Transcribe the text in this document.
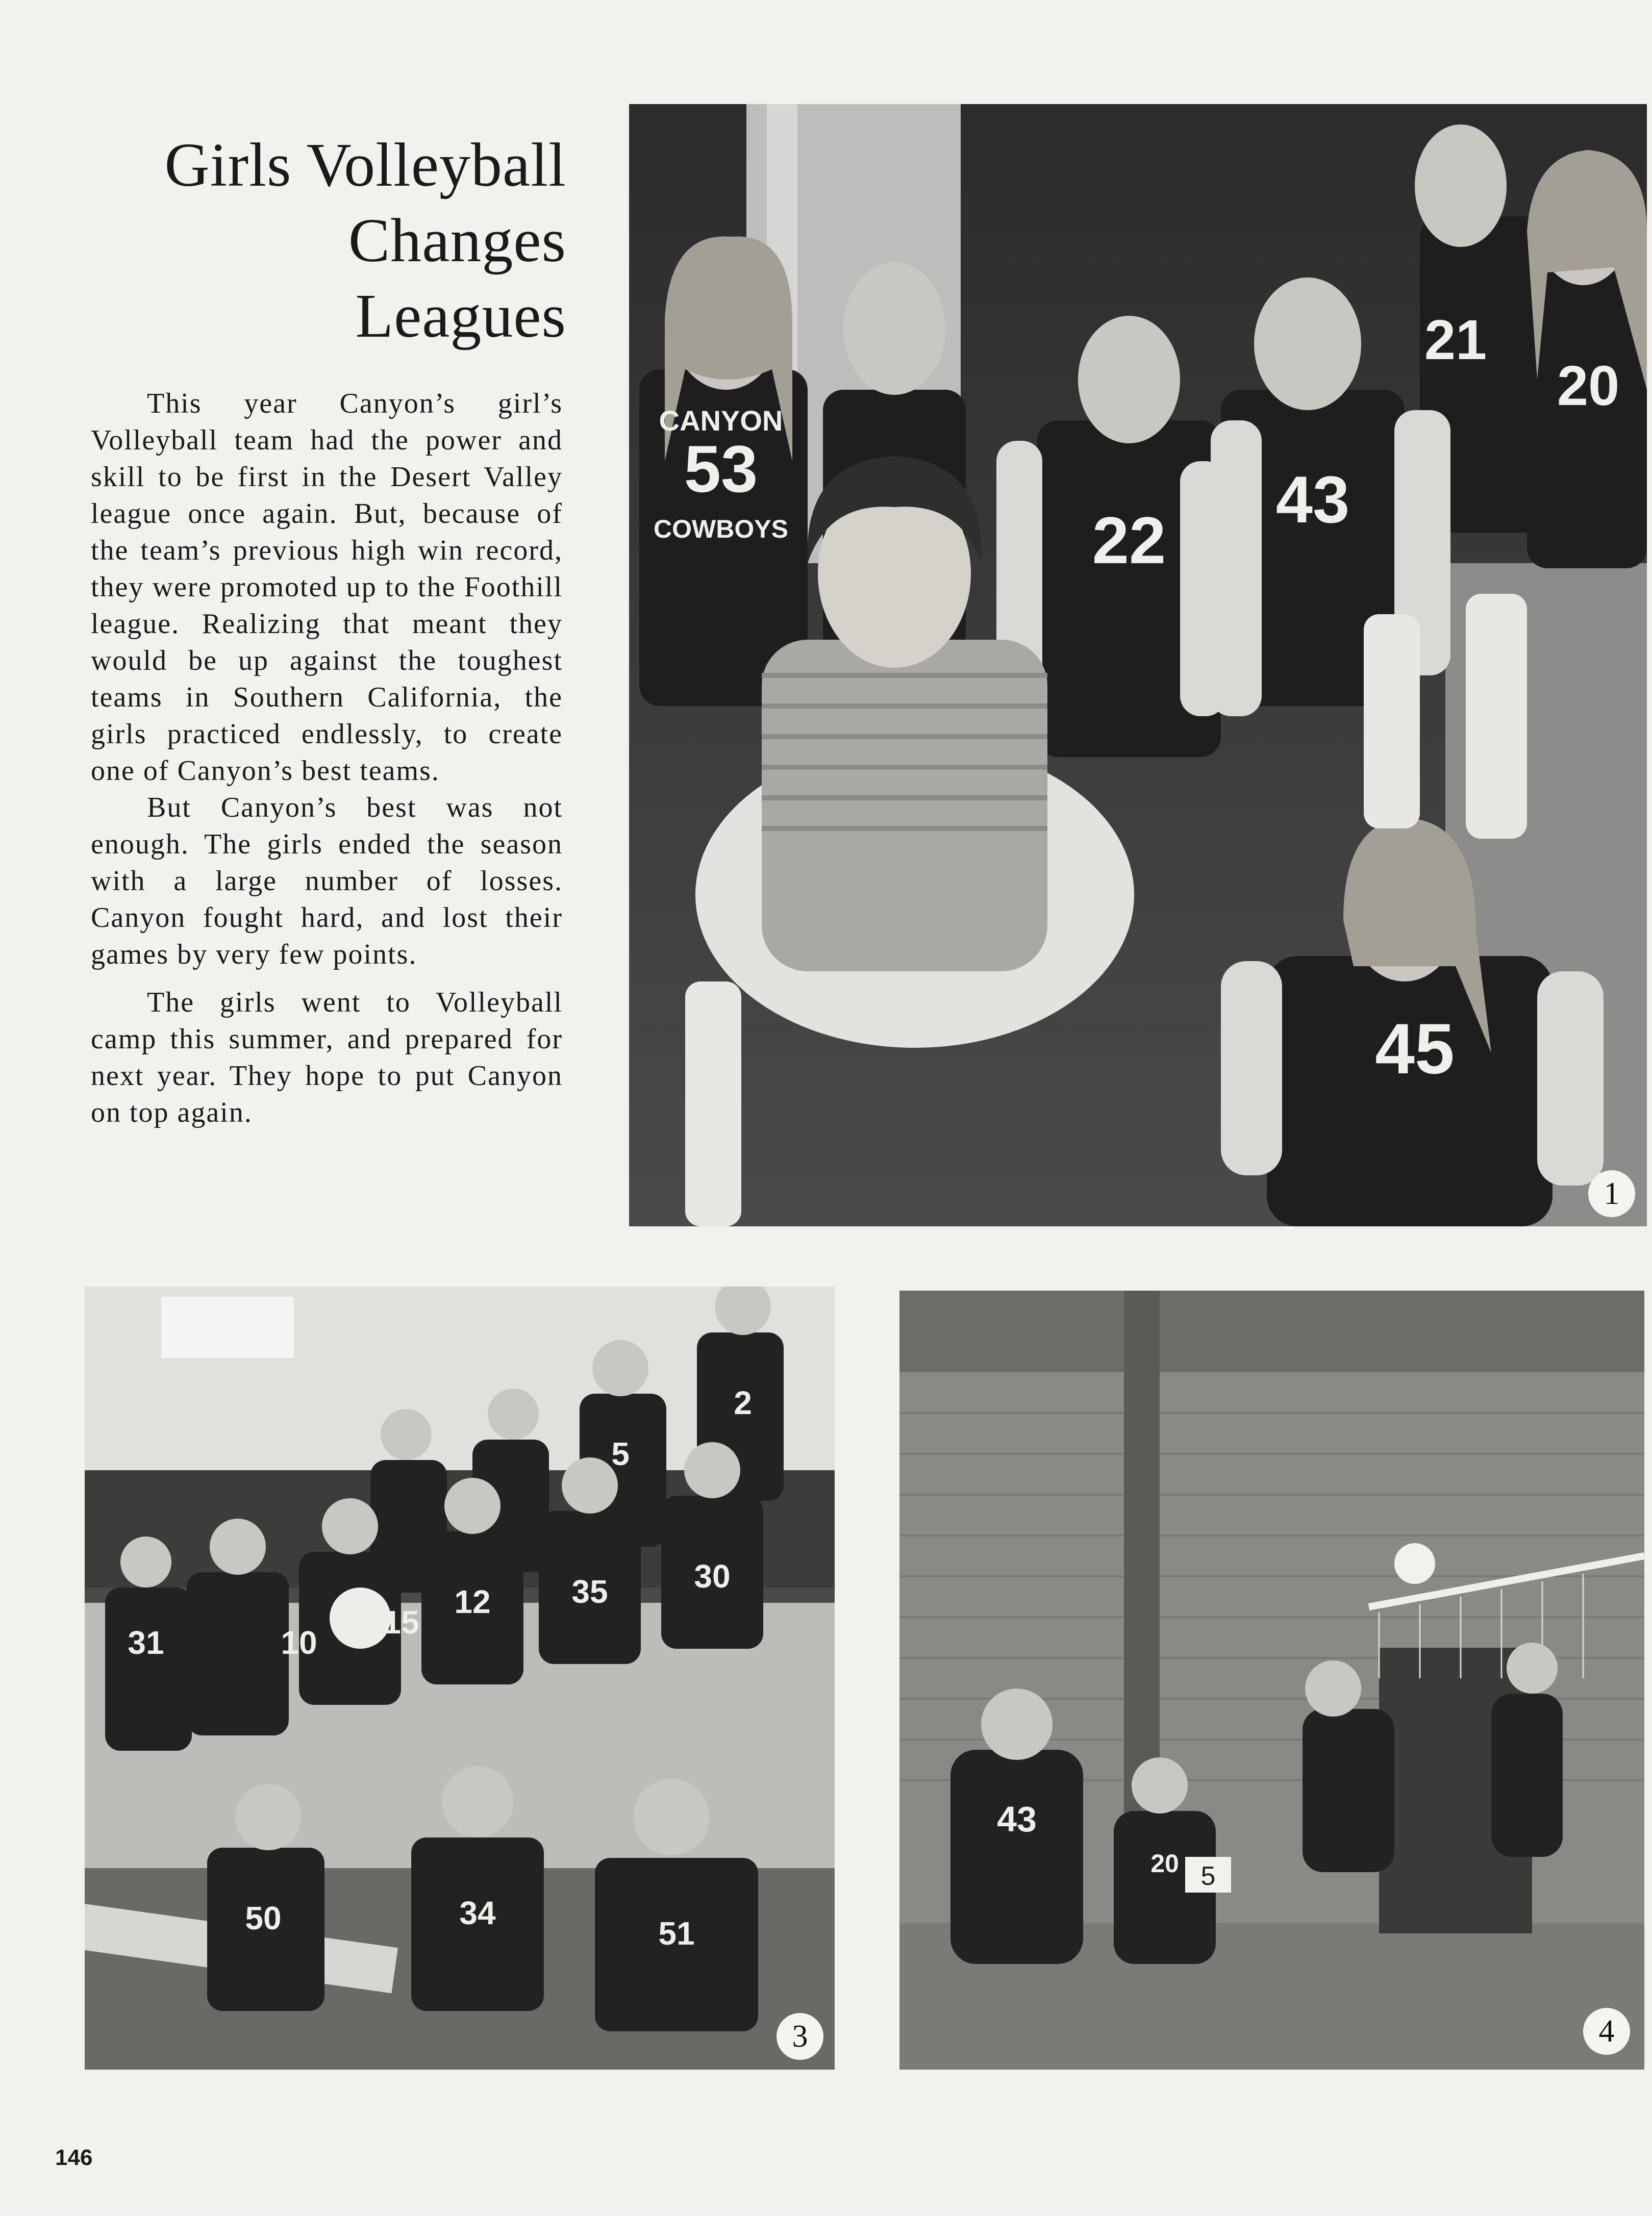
Girls Volleyball
Changes
Leagues

This year Canyon’s girl’s Volleyball team had the power and skill to be first in the Desert Valley league once again. But, because of the team’s previous high win record, they were promoted up to the Foothill league. Realizing that meant they would be up against the toughest teams in Southern California, the girls practiced endlessly, to create one of Canyon’s best teams.

But Canyon’s best was not enough. The girls ended the season with a large number of losses. Canyon fought hard, and lost their games by very few points.

The girls went to Volleyball camp this summer, and prepared for next year. They hope to put Canyon on top again.

53
22
43
21
20
45
CANYON
COWBOYS
1
31	10
15
12 35	30
5
2
50	34
51
3
43
20 5
4
146
